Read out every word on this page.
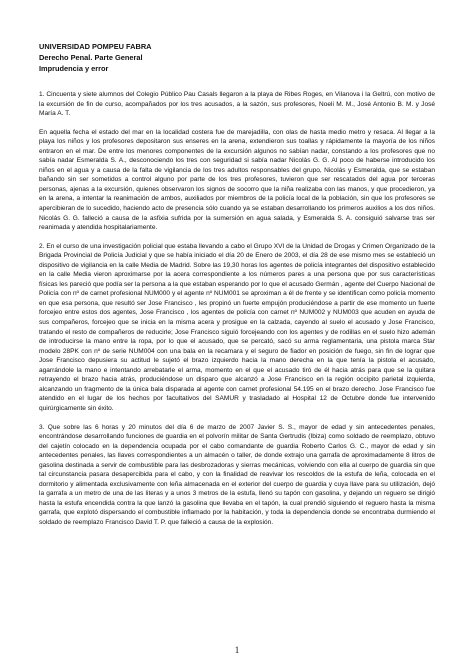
UNIVERSIDAD POMPEU FABRA
Derecho Penal. Parte General
Imprudencia y error

1. Cincuenta y siete alumnos del Colegio Público Pau Casals llegaron a la playa de Ribes Roges, en Vilanova i la Geltrú, con motivo de la excursión de fin de curso, acompañados por los tres acusados, a la sazón, sus profesores, Noeli M. M., José Antonio B. M. y José María A. T.

En aquella fecha el estado del mar en la localidad costera fue de marejadilla, con olas de hasta medio metro y resaca. Al llegar a la playa los niños y los profesores depositaron sus enseres en la arena, extendieron sus toallas y rápidamente la mayoría de los niños entraron en el mar. De entre los menores componentes de la excursión algunos no sabían nadar, constando a los profesores que no sabía nadar Esmeralda S. A., desconociendo los tres con seguridad si sabía nadar Nicolás G. G. Al poco de haberse introducido los niños en el agua y a causa de la falta de vigilancia de los tres adultos responsables del grupo, Nicolás y Esmeralda, que se estaban bañando sin ser sometidos a control alguno por parte de los tres profesores, tuvieron que ser rescatados del agua por terceras personas, ajenas a la excursión, quienes observaron los signos de socorro que la niña realizaba con las manos, y que procedieron, ya en la arena, a intentar la reanimación de ambos, auxiliados por miembros de la policía local de la población, sin que los profesores se apercibieran de lo sucedido, haciendo acto de presencia sólo cuando ya se estaban desarrollando los primeros auxilios a los dos niños. Nicolás G. G. falleció a causa de la asfixia sufrida por la sumersión en agua salada, y Esmeralda S. A. consiguió salvarse tras ser reanimada y atendida hospitalariamente.

2. En el curso de una investigación policial que estaba llevando a cabo el Grupo XVI de la Unidad de Drogas y Crimen Organizado de la Brigada Provincial de Policía Judicial y que se había iniciado el día 20 de Enero de 2003, el día 28 de ese mismo mes se estableció un dispositivo de vigilancia en la calle Media de Madrid. Sobre las 19,30 horas los agentes de policía integrantes del dispositivo establecido en la calle Media vieron aproximarse por la acera correspondiente a los números pares a una persona que por sus características físicas les pareció que podía ser la persona a la que estaban esperando por lo que el acusado Germán , agente del Cuerpo Nacional de Policía con nº de carnet profesional NUM000 y el agente nº NUM001 se aproximan a él de frente y se identifican como policía momento en que esa persona, que resultó ser Jose Francisco , les propinó un fuerte empujón produciéndose a partir de ese momento un fuerte forcejeo entre estos dos agentes, Jose Francisco , los agentes de policía con carnet nº NUM002 y NUM003 que acuden en ayuda de sus compañeros, forcejeo que se inicia en la misma acera y prosigue en la calzada, cayendo al suelo el acusado y Jose Francisco, tratando el resto de compañeros de reducirle; Jose Francisco siguió forcejeando con los agentes y de rodillas en el suelo hizo ademán de introducirse la mano entre la ropa, por lo que el acusado, que se percató, sacó su arma reglamentaria, una pistola marca Star modelo 28PK con nº de serie NUM004 con una bala en la recamara y el seguro de fiador en posición de fuego, sin fin de lograr que Jose Francisco depusiera su actitud le sujetó el brazo izquierdo hacia la mano derecha en la que tenía la pistola el acusado, agarrándole la mano e intentando arrebatarle el arma, momento en el que el acusado tiró de él hacia atrás para que se la quitara retrayendo el brazo hacia atrás, produciéndose un disparo que alcanzó a Jose Francisco en la región occipito parietal izquierda, alcanzando un fragmento de la única bala disparada al agente con carnet profesional 54.195 en el brazo derecho. Jose Francisco fue atendido en el lugar de los hechos por facultativos del SAMUR y trasladado al Hospital 12 de Octubre donde fue intervenido quirúrgicamente sin éxito.

3. Que sobre las 6 horas y 20 minutos del día 6 de marzo de 2007 Javier S. S., mayor de edad y sin antecedentes penales, encontrándose desarrollando funciones de guardia en el polvorín militar de Santa Gertrudis (Ibiza) como soldado de reemplazo, obtuvo del cajetín colocado en la dependencia ocupada por el cabo comandante de guardia Roberto Carlos G. C., mayor de edad y sin antecedentes penales, las llaves correspondientes a un almacén o taller, de donde extrajo una garrafa de aproximadamente 8 litros de gasolina destinada a servir de combustible para las desbrozadoras y sierras mecánicas, volviendo con ella al cuerpo de guardia sin que tal circunstancia pasara desapercibida para el cabo, y con la finalidad de reavivar los rescoldos de la estufa de leña, colocada en el dormitorio y alimentada exclusivamente con leña almacenada en el exterior del cuerpo de guardia y cuya llave para su utilización, dejó la garrafa a un metro de una de las literas y a unos 3 metros de la estufa, llenó su tapón con gasolina, y dejando un reguero se dirigió hasta la estufa encendida contra la que lanzó la gasolina que llevaba en el tapón, la cual prendió siguiendo el reguero hasta la misma garrafa, que explotó dispersando el combustible inflamado por la habitación, y toda la dependencia donde se encontraba durmiendo el soldado de reemplazo Francisco David T. P. que falleció a causa de la explosión.

1
